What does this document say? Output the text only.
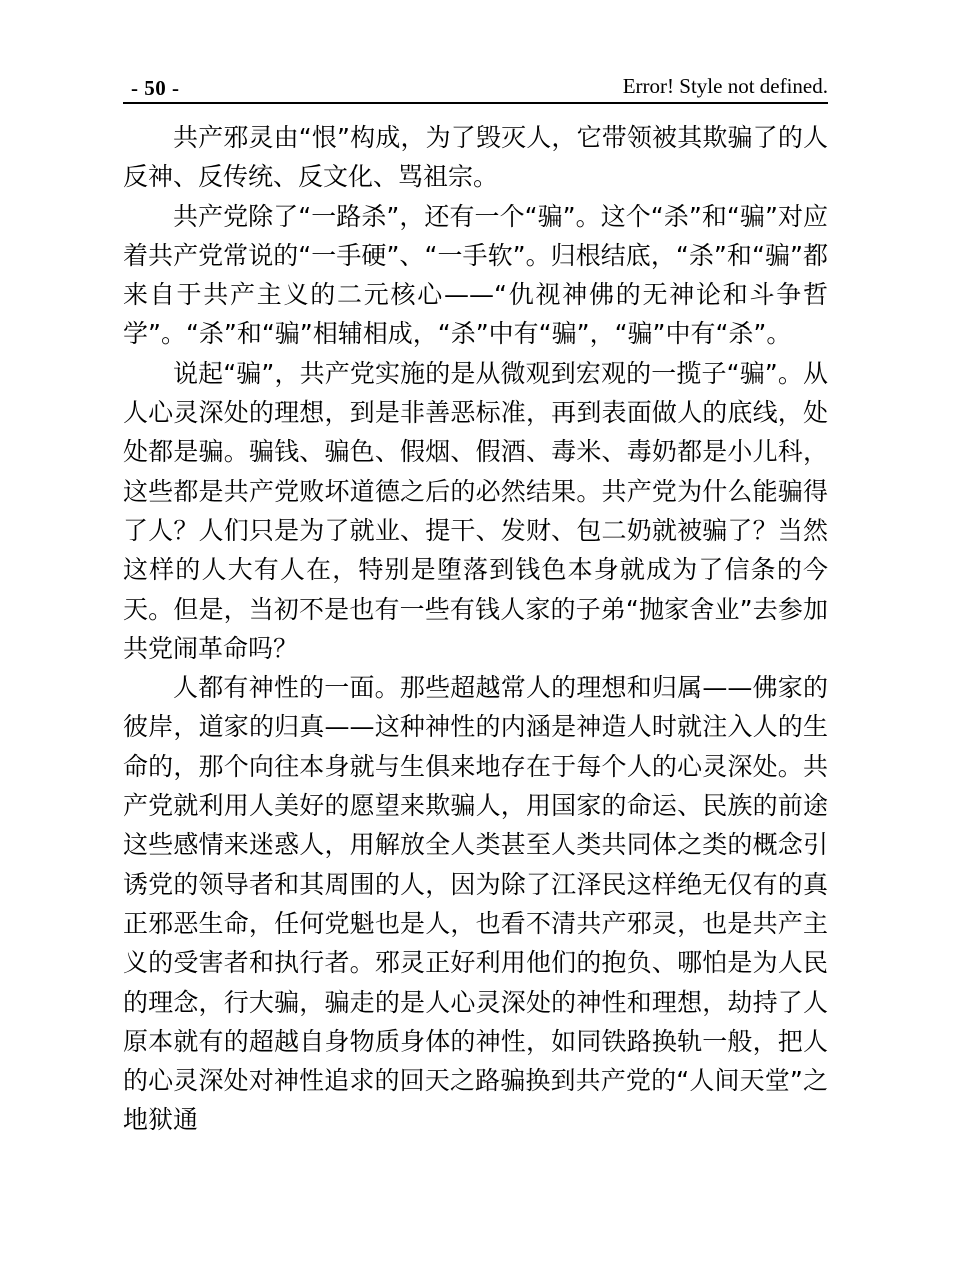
- 50 -	Error! Style not defined.

共产邪灵由“恨”构成，为了毁灭人，它带领被其欺骗了的人反神、反传统、反文化、骂祖宗。

共产党除了“一路杀”，还有一个“骗”。这个“杀”和“骗”对应着共产党常说的“一手硬”、“一手软”。归根结底，“杀”和“骗”都来自于共产主义的二元核心——“仇视神佛的无神论和斗争哲学”。“杀”和“骗”相辅相成，“杀”中有“骗”，“骗”中有“杀”。

说起“骗”，共产党实施的是从微观到宏观的一揽子“骗”。从人心灵深处的理想，到是非善恶标准，再到表面做人的底线，处处都是骗。骗钱、骗色、假烟、假酒、毒米、毒奶都是小儿科，这些都是共产党败坏道德之后的必然结果。共产党为什么能骗得了人？人们只是为了就业、提干、发财、包二奶就被骗了？当然这样的人大有人在，特别是堕落到钱色本身就成为了信条的今天。但是，当初不是也有一些有钱人家的子弟“抛家舍业”去参加共党闹革命吗？

人都有神性的一面。那些超越常人的理想和归属——佛家的彼岸，道家的归真——这种神性的内涵是神造人时就注入人的生命的，那个向往本身就与生俱来地存在于每个人的心灵深处。共产党就利用人美好的愿望来欺骗人，用国家的命运、民族的前途这些感情来迷惑人，用解放全人类甚至人类共同体之类的概念引诱党的领导者和其周围的人，因为除了江泽民这样绝无仅有的真正邪恶生命，任何党魁也是人，也看不清共产邪灵，也是共产主义的受害者和执行者。邪灵正好利用他们的抱负、哪怕是为人民的理念，行大骗，骗走的是人心灵深处的神性和理想，劫持了人原本就有的超越自身物质身体的神性，如同铁路换轨一般，把人的心灵深处对神性追求的回天之路骗换到共产党的“人间天堂”之地狱通
